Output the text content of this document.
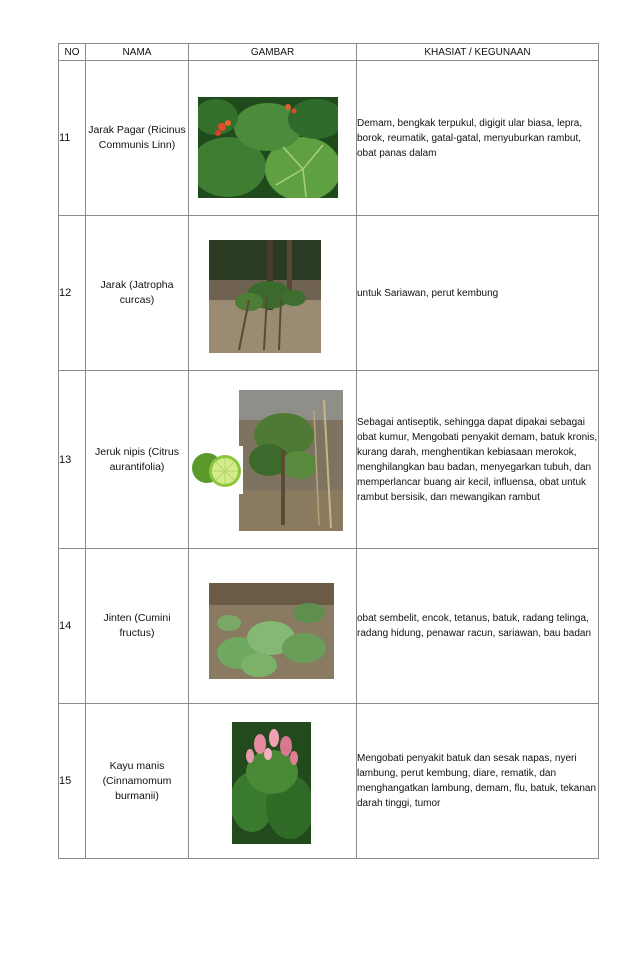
NO	NAMA	GAMBAR	KHASIAT / KEGUNAAN
11	Jarak Pagar (Ricinus Communis Linn)		Demam, bengkak terpukul, digigit ular biasa, lepra, borok, reumatik, gatal-gatal, menyuburkan rambut, obat panas dalam
12	Jarak (Jatropha curcas)		untuk Sariawan, perut kembung
13	Jeruk nipis (Citrus aurantifolia)		Sebagai antiseptik, sehingga dapat dipakai sebagai obat kumur, Mengobati penyakit demam, batuk kronis, kurang darah, menghentikan kebiasaan merokok, menghilangkan bau badan, menyegarkan tubuh, dan memperlancar buang air kecil, influensa, obat untuk rambut bersisik, dan mewangikan rambut
14	Jinten (Cumini fructus)		obat sembelit, encok, tetanus, batuk, radang telinga, radang hidung, penawar racun, sariawan, bau badan
15	Kayu manis (Cinnamomum burmanii)		Mengobati penyakit batuk dan sesak napas, nyeri lambung, perut kembung, diare, rematik, dan menghangatkan lambung, demam, flu, batuk, tekanan darah tinggi, tumor
